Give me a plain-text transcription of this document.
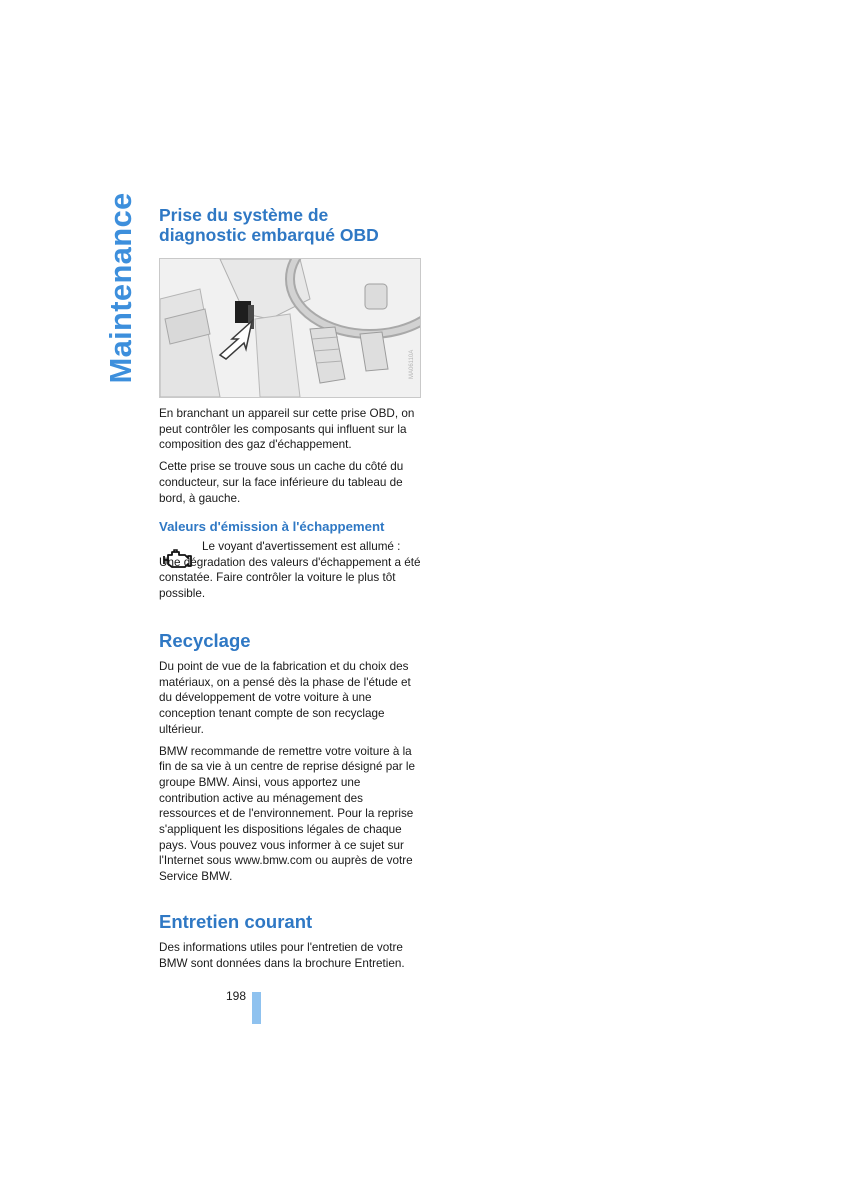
Maintenance Prise du système de
diagnostic embarqué OBD
MA06110A

En branchant un appareil sur cette prise OBD, on peut contrôler les composants qui influent sur la composition des gaz d'échappement.

Cette prise se trouve sous un cache du côté du conducteur, sur la face inférieure du tableau de bord, à gauche.

Valeurs d'émission à l'échappement

Le voyant d'avertissement est allumé : Une dégradation des valeurs d'échappement a été constatée. Faire contrôler la voiture le plus tôt possible.

Recyclage

Du point de vue de la fabrication et du choix des matériaux, on a pensé dès la phase de l'étude et du développement de votre voiture à une conception tenant compte de son recyclage ultérieur.

BMW recommande de remettre votre voiture à la fin de sa vie à un centre de reprise désigné par le groupe BMW. Ainsi, vous apportez une contribution active au ménagement des ressources et de l'environnement. Pour la reprise s'appliquent les dispositions légales de chaque pays. Vous pouvez vous informer à ce sujet sur l'Internet sous www.bmw.com ou auprès de votre Service BMW.

Entretien courant

Des informations utiles pour l'entretien de votre BMW sont données dans la brochure Entretien.

198
